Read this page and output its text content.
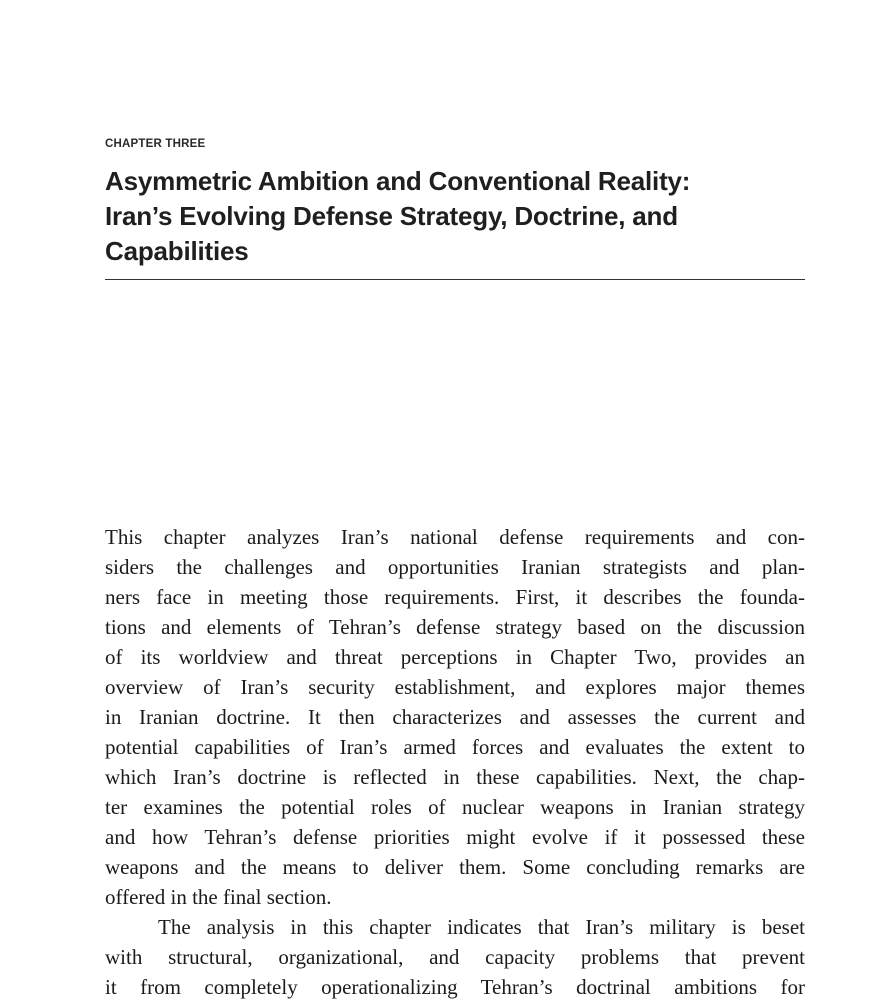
CHAPTER THREE
Asymmetric Ambition and Conventional Reality:
Iran’s Evolving Defense Strategy, Doctrine, and
Capabilities
This chapter analyzes Iran’s national defense requirements and con-
siders the challenges and opportunities Iranian strategists and plan-
ners face in meeting those requirements. First, it describes the founda-
tions and elements of Tehran’s defense strategy based on the discussion
of its worldview and threat perceptions in Chapter Two, provides an
overview of Iran’s security establishment, and explores major themes
in Iranian doctrine. It then characterizes and assesses the current and
potential capabilities of Iran’s armed forces and evaluates the extent to
which Iran’s doctrine is reflected in these capabilities. Next, the chap-
ter examines the potential roles of nuclear weapons in Iranian strategy
and how Tehran’s defense priorities might evolve if it possessed these
weapons and the means to deliver them. Some concluding remarks are
offered in the final section.
The analysis in this chapter indicates that Iran’s military is beset
with structural, organizational, and capacity problems that prevent
it from completely operationalizing Tehran’s doctrinal ambitions for
